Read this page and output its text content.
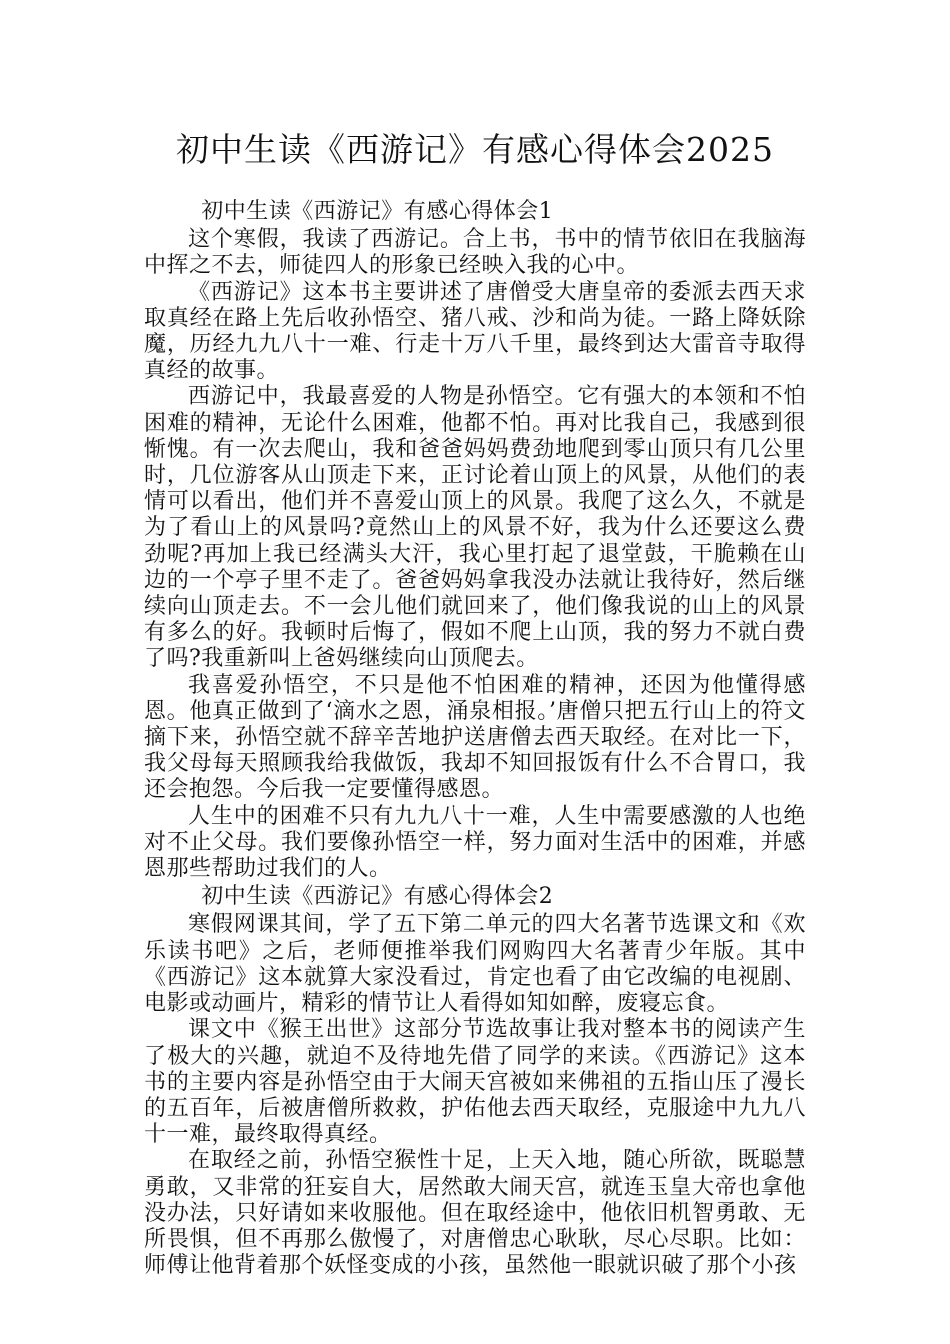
初中生读《西游记》有感心得体会2025

初中生读《西游记》有感心得体会1

这个寒假，我读了西游记。合上书，书中的情节依旧在我脑海中挥之不去，师徒四人的形象已经映入我的心中。

《西游记》这本书主要讲述了唐僧受大唐皇帝的委派去西天求取真经在路上先后收孙悟空、猪八戒、沙和尚为徒。一路上降妖除魔，历经九九八十一难、行走十万八千里，最终到达大雷音寺取得真经的故事。

西游记中，我最喜爱的人物是孙悟空。它有强大的本领和不怕困难的精神，无论什么困难，他都不怕。再对比我自己，我感到很惭愧。有一次去爬山，我和爸爸妈妈费劲地爬到零山顶只有几公里时，几位游客从山顶走下来，正讨论着山顶上的风景，从他们的表情可以看出，他们并不喜爱山顶上的风景。我爬了这么久，不就是为了看山上的风景吗?竟然山上的风景不好，我为什么还要这么费劲呢?再加上我已经满头大汗，我心里打起了退堂鼓，干脆赖在山边的一个亭子里不走了。爸爸妈妈拿我没办法就让我待好，然后继续向山顶走去。不一会儿他们就回来了，他们像我说的山上的风景有多么的好。我顿时后悔了，假如不爬上山顶，我的努力不就白费了吗?我重新叫上爸妈继续向山顶爬去。

我喜爱孙悟空，不只是他不怕困难的精神，还因为他懂得感恩。他真正做到了‘滴水之恩，涌泉相报。’唐僧只把五行山上的符文摘下来，孙悟空就不辞辛苦地护送唐僧去西天取经。在对比一下，我父母每天照顾我给我做饭，我却不知回报饭有什么不合胃口，我还会抱怨。今后我一定要懂得感恩。

人生中的困难不只有九九八十一难，人生中需要感激的人也绝对不止父母。我们要像孙悟空一样，努力面对生活中的困难，并感恩那些帮助过我们的人。

初中生读《西游记》有感心得体会2

寒假网课其间，学了五下第二单元的四大名著节选课文和《欢乐读书吧》之后，老师便推举我们网购四大名著青少年版。其中《西游记》这本就算大家没看过，肯定也看了由它改编的电视剧、电影或动画片，精彩的情节让人看得如知如醉，废寝忘食。

课文中《猴王出世》这部分节选故事让我对整本书的阅读产生了极大的兴趣，就迫不及待地先借了同学的来读。《西游记》这本书的主要内容是孙悟空由于大闹天宫被如来佛祖的五指山压了漫长的五百年，后被唐僧所救救，护佑他去西天取经，克服途中九九八十一难，最终取得真经。

在取经之前，孙悟空猴性十足，上天入地，随心所欲，既聪慧勇敢，又非常的狂妄自大，居然敢大闹天宫，就连玉皇大帝也拿他没办法，只好请如来收服他。但在取经途中，他依旧机智勇敢、无所畏惧，但不再那么傲慢了，对唐僧忠心耿耿，尽心尽职。比如：师傅让他背着那个妖怪变成的小孩，虽然他一眼就识破了那个小孩
